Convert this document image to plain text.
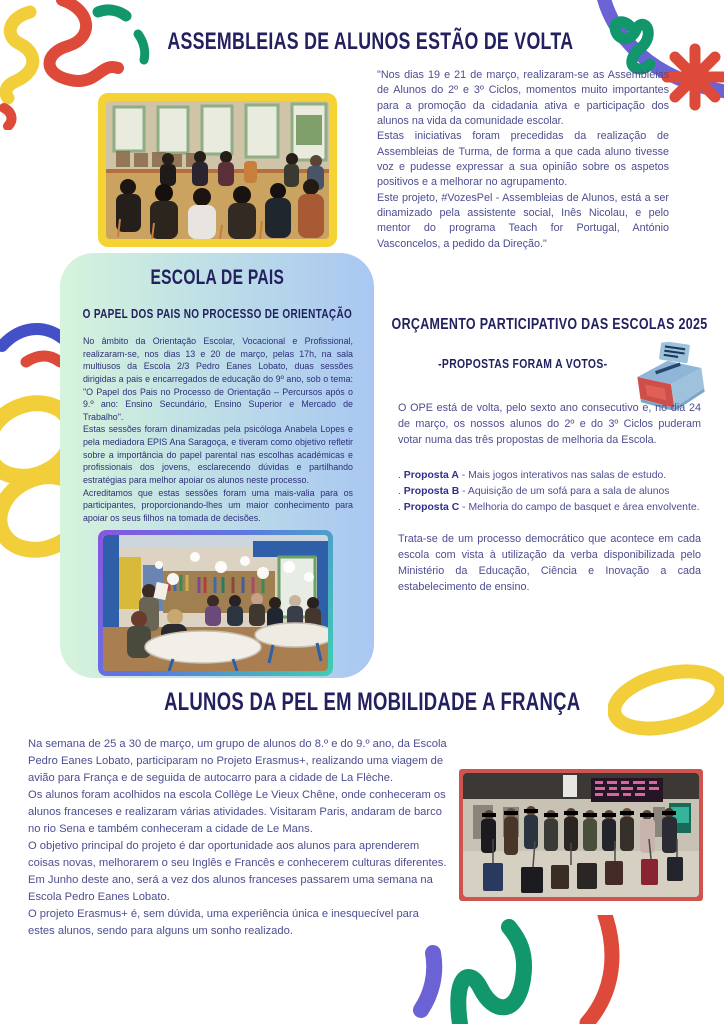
ASSEMBLEIAS DE ALUNOS ESTÃO DE VOLTA

"Nos dias 19 e 21 de março, realizaram-se as Assembleias de Alunos do 2º e 3º Ciclos, momentos muito importantes para a promoção da cidadania ativa e participação dos alunos na vida da comunidade escolar.

Estas iniciativas foram precedidas da realização de Assembleias de Turma, de forma a que cada aluno tivesse voz e pudesse expressar a sua opinião sobre os aspetos positivos e a melhorar no agrupamento.

Este projeto, #VozesPel - Assembleias de Alunos, está a ser dinamizado pela assistente social, Inês Nicolau, e pelo mentor do programa Teach for Portugal, António Vasconcelos, a pedido da Direção."

ESCOLA DE PAIS
O PAPEL DOS PAIS NO PROCESSO DE ORIENTAÇÃO

No âmbito da Orientação Escolar, Vocacional e Profissional, realizaram-se, nos dias 13 e 20 de março, pelas 17h, na sala multiusos da Escola 2/3 Pedro Eanes Lobato, duas sessões dirigidas a pais e encarregados de educação do 9º ano, sob o tema: "O Papel dos Pais no Processo de Orientação – Percursos após o 9.º ano: Ensino Secundário, Ensino Superior e Mercado de Trabalho".

Estas sessões foram dinamizadas pela psicóloga Anabela Lopes e pela mediadora EPIS Ana Saragoça, e tiveram como objetivo refletir sobre a importância do papel parental nas escolhas académicas e profissionais dos jovens, esclarecendo dúvidas e partilhando estratégias para melhor apoiar os alunos neste processo.

Acreditamos que estas sessões foram uma mais-valia para os participantes, proporcionando-lhes um maior conhecimento para apoiar os seus filhos na tomada de decisões.

ORÇAMENTO PARTICIPATIVO DAS ESCOLAS 2025
-PROPOSTAS FORAM A VOTOS-
O OPE está de volta, pelo sexto ano consecutivo e, no dia 24 de março, os nossos alunos do 2º e do 3º Ciclos puderam votar numa das três propostas de melhoria da Escola.
. Proposta A - Mais jogos interativos nas salas de estudo.
. Proposta B - Aquisição de um sofá para a sala de alunos
. Proposta C - Melhoria do campo de basquet e área envolvente.
Trata-se de um processo democrático que acontece em cada escola com vista à utilização da verba disponibilizada pelo Ministério da Educação, Ciência e Inovação a cada estabelecimento de ensino.
ALUNOS DA PEL EM MOBILIDADE A FRANÇA

Na semana de 25 a 30 de março, um grupo de alunos do 8.º e do 9.º ano, da Escola Pedro Eanes Lobato, participaram no Projeto Erasmus+, realizando uma viagem de avião para França e de seguida de autocarro para a cidade de La Flèche.

Os alunos foram acolhidos na escola Collège Le Vieux Chêne, onde conheceram os alunos franceses e realizaram várias atividades. Visitaram Paris, andaram de barco no rio Sena e também conheceram a cidade de Le Mans.

O objetivo principal do projeto é dar oportunidade aos alunos para aprenderem coisas novas, melhorarem o seu Inglês e Francês e conhecerem culturas diferentes.

Em Junho deste ano, será a vez dos alunos franceses passarem uma semana na Escola Pedro Eanes Lobato.

O projeto Erasmus+ é, sem dúvida, uma experiência única e inesquecível para estes alunos, sendo para alguns um sonho realizado.
